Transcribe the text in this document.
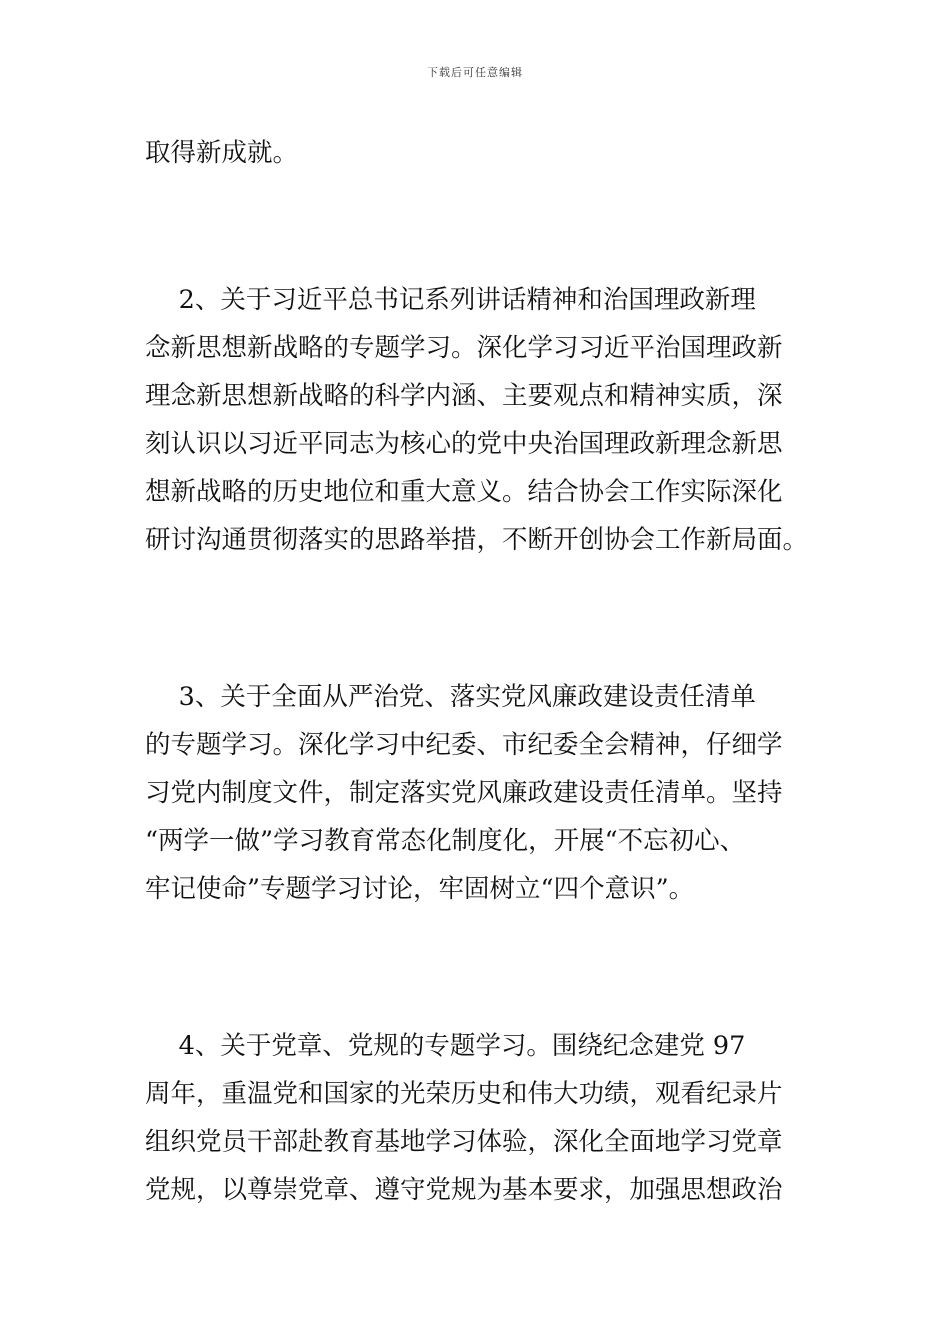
下载后可任意编辑
取得新成就。
　 2、关于习近平总书记系列讲话精神和治国理政新理
念新思想新战略的专题学习。深化学习习近平治国理政新
理念新思想新战略的科学内涵、主要观点和精神实质，深
刻认识以习近平同志为核心的党中央治国理政新理念新思
想新战略的历史地位和重大意义。结合协会工作实际深化
研讨沟通贯彻落实的思路举措，不断开创协会工作新局面。
　 3、关于全面从严治党、落实党风廉政建设责任清单
的专题学习。深化学习中纪委、市纪委全会精神，仔细学
习党内制度文件，制定落实党风廉政建设责任清单。坚持
“两学一做”学习教育常态化制度化，开展“不忘初心、
牢记使命”专题学习讨论，牢固树立“四个意识”。
　 4、关于党章、党规的专题学习。围绕纪念建党 97
周年，重温党和国家的光荣历史和伟大功绩，观看纪录片
组织党员干部赴教育基地学习体验，深化全面地学习党章
党规，以尊崇党章、遵守党规为基本要求，加强思想政治
